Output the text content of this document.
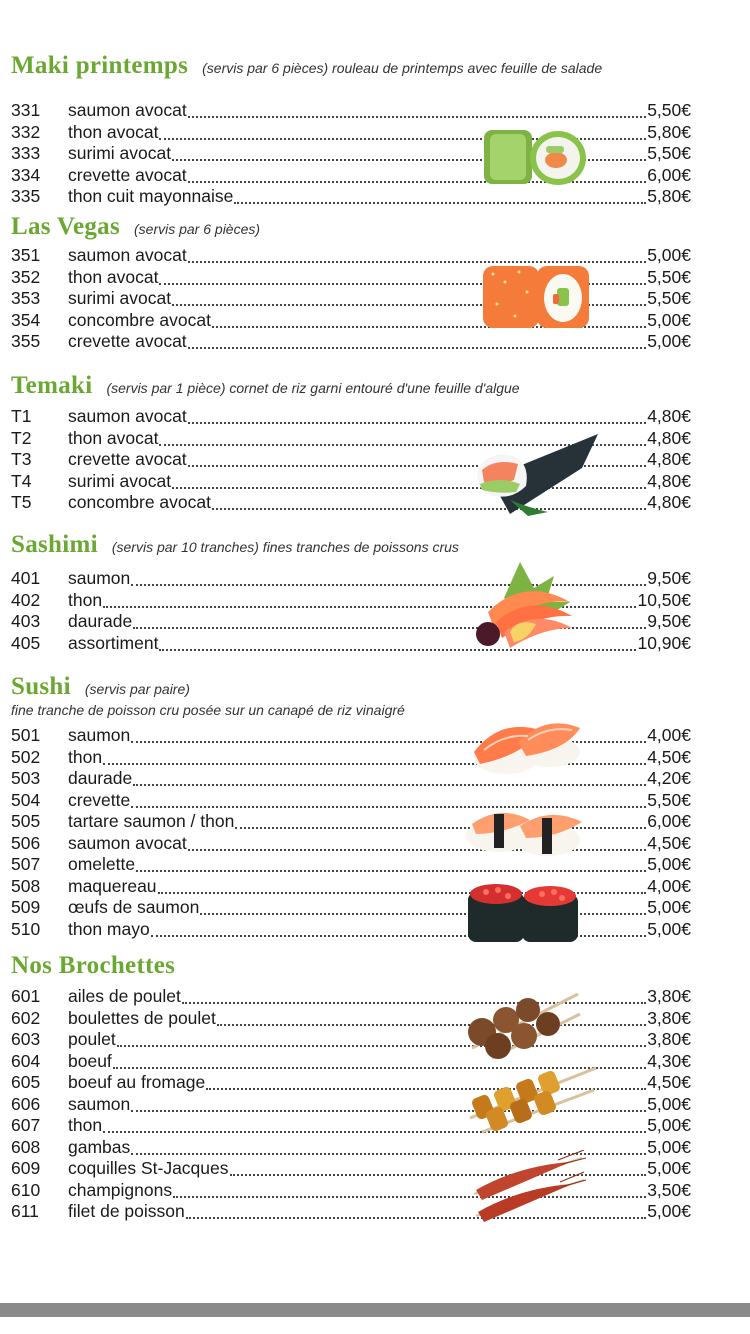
Maki printemps (servis par 6 pièces) rouleau de printemps avec feuille de salade
331	saumon avocat	5,50€
332	thon avocat	5,80€
333	surimi avocat	5,50€
334	crevette avocat	6,00€
335	thon cuit mayonnaise	5,80€
Las Vegas (servis par 6 pièces)
351	saumon avocat	5,00€
352	thon avocat	5,50€
353	surimi avocat	5,50€
354	concombre avocat	5,00€
355	crevette avocat	5,00€
Temaki (servis par 1 pièce) cornet de riz garni entouré d'une feuille d'algue
T1	saumon avocat	4,80€
T2	thon avocat	4,80€
T3	crevette avocat	4,80€
T4	surimi avocat	4,80€
T5	concombre avocat	4,80€
Sashimi (servis par 10 tranches) fines tranches de poissons crus
401	saumon	9,50€
402	thon	10,50€
403	daurade	9,50€
405	assortiment	10,90€
Sushi (servis par paire)
fine tranche de poisson cru posée sur un canapé de riz vinaigré
501	saumon	4,00€
502	thon	4,50€
503	daurade	4,20€
504	crevette	5,50€
505	tartare saumon / thon	6,00€
506	saumon avocat	4,50€
507	omelette	5,00€
508	maquereau	4,00€
509	œufs de saumon	5,00€
510	thon mayo	5,00€
Nos Brochettes
601	ailes de poulet	3,80€
602	boulettes de poulet	3,80€
603	poulet	3,80€
604	boeuf	4,30€
605	boeuf au fromage	4,50€
606	saumon	5,00€
607	thon	5,00€
608	gambas	5,00€
609	coquilles St-Jacques	5,00€
610	champignons	3,50€
611	filet de poisson	5,00€
